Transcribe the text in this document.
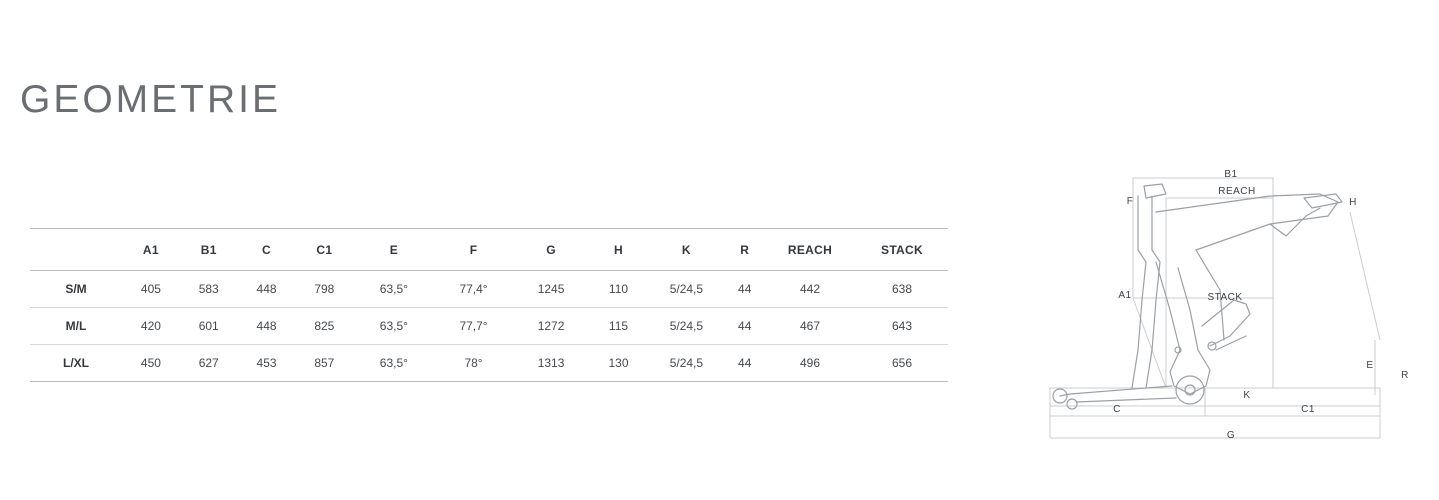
GEOMETRIE
	A1	B1	C	C1	E	F	G	H	K	R	REACH	STACK
S/M	405	583	448	798	63,5°	77,4°	1245	110	5/24,5	44	442	638
M/L	420	601	448	825	63,5°	77,7°	1272	115	5/24,5	44	467	643
L/XL	450	627	453	857	63,5°	78°	1313	130	5/24,5	44	496	656
B1
REACH
F	H
A1	STACK
E
R
K
C	C1
G
